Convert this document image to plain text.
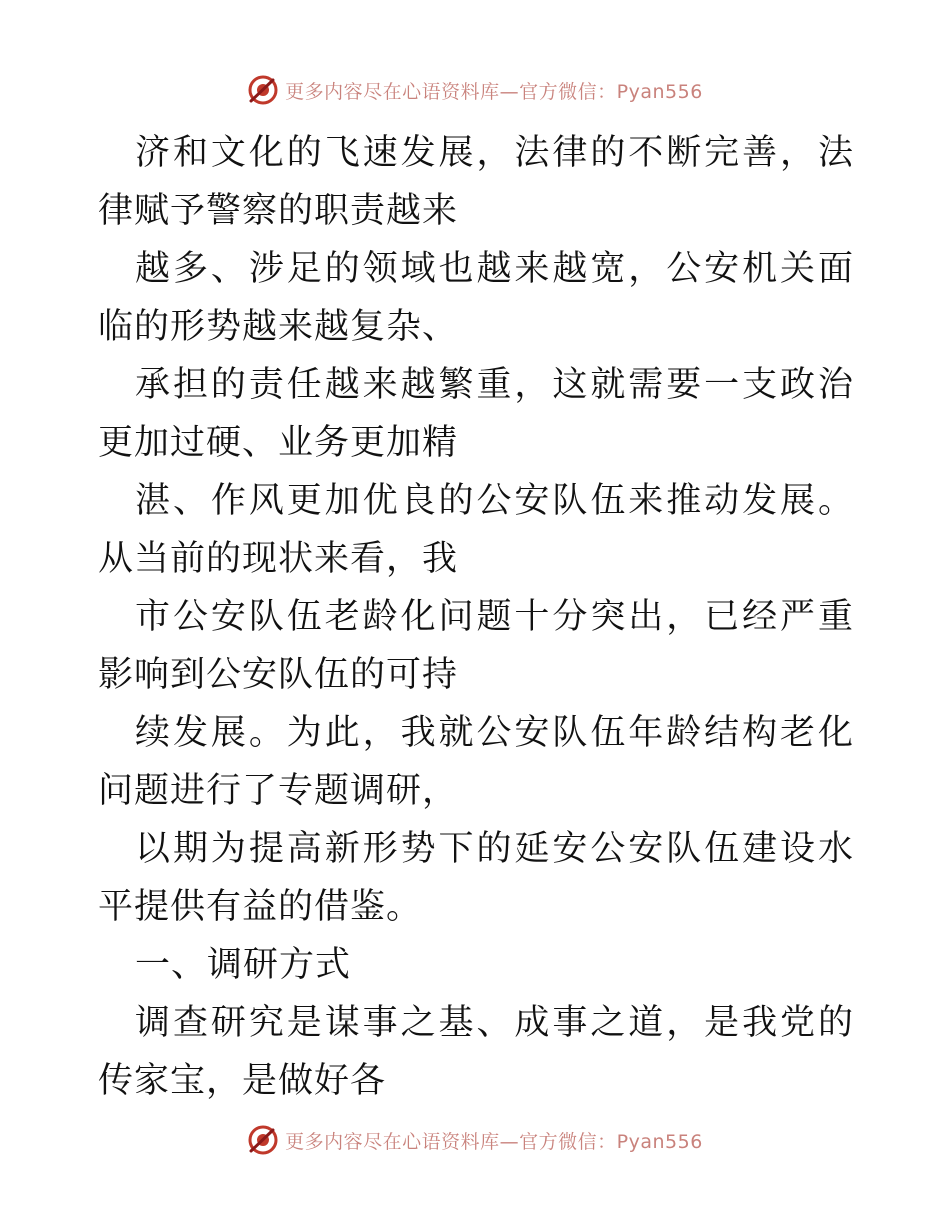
更多内容尽在心语资料库—官方微信：Pyan556

济和文化的飞速发展，法律的不断完善，法律赋予警察的职责越来

越多、涉足的领域也越来越宽，公安机关面临的形势越来越复杂、

承担的责任越来越繁重，这就需要一支政治更加过硬、业务更加精

湛、作风更加优良的公安队伍来推动发展。从当前的现状来看，我

市公安队伍老龄化问题十分突出，已经严重影响到公安队伍的可持

续发展。为此，我就公安队伍年龄结构老化问题进行了专题调研，

以期为提高新形势下的延安公安队伍建设水平提供有益的借鉴。

一、调研方式

调查研究是谋事之基、成事之道，是我党的传家宝，是做好各

更多内容尽在心语资料库—官方微信：Pyan556
